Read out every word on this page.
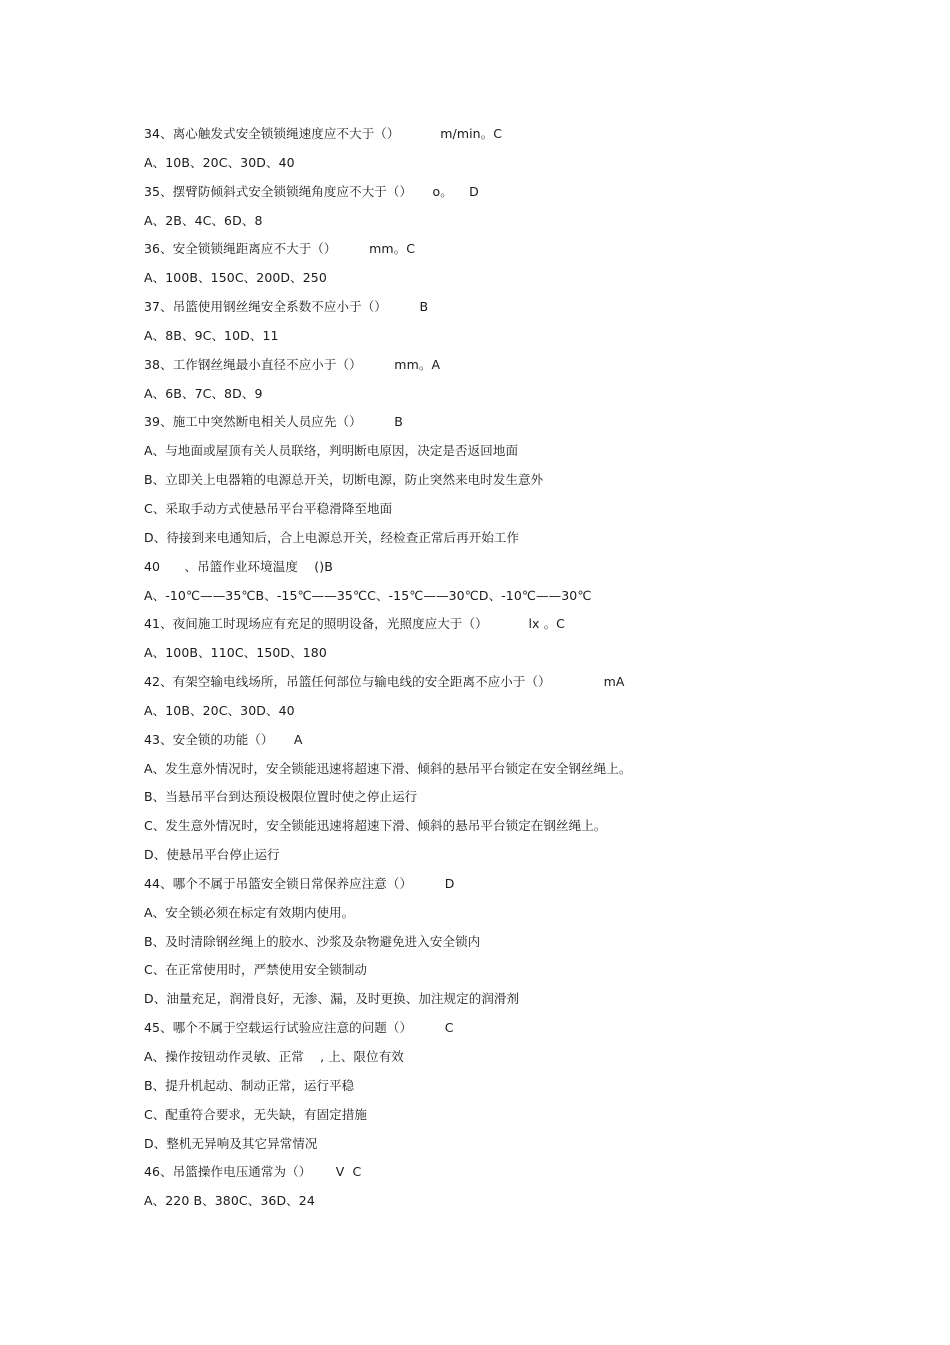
34、离心触发式安全锁锁绳速度应不大于（）          m/min。C
A、10B、20C、30D、40
35、摆臂防倾斜式安全锁锁绳角度应不大于（）     o。    D
A、2B、4C、6D、8
36、安全锁锁绳距离应不大于（）        mm。C
A、100B、150C、200D、250
37、吊篮使用钢丝绳安全系数不应小于（）        B
A、8B、9C、10D、11
38、工作钢丝绳最小直径不应小于（）        mm。A
A、6B、7C、8D、9
39、施工中突然断电相关人员应先（）        B
A、与地面或屋顶有关人员联络，判明断电原因，决定是否返回地面
B、立即关上电器箱的电源总开关，切断电源，防止突然来电时发生意外
C、采取手动方式使悬吊平台平稳滑降至地面
D、待接到来电通知后，合上电源总开关，经检查正常后再开始工作
40      、吊篮作业环境温度    ()B
A、-10℃——35℃B、-15℃——35℃C、-15℃——30℃D、-10℃——30℃
41、夜间施工时现场应有充足的照明设备，光照度应大于（）          lx 。C
A、100B、110C、150D、180
42、有架空输电线场所，吊篮任何部位与输电线的安全距离不应小于（）             mA
A、10B、20C、30D、40
43、安全锁的功能（）     A
A、发生意外情况时，安全锁能迅速将超速下滑、倾斜的悬吊平台锁定在安全钢丝绳上。
B、当悬吊平台到达预设极限位置时使之停止运行
C、发生意外情况时，安全锁能迅速将超速下滑、倾斜的悬吊平台锁定在钢丝绳上。
D、使悬吊平台停止运行
44、哪个不属于吊篮安全锁日常保养应注意（）        D
A、安全锁必须在标定有效期内使用。
B、及时清除钢丝绳上的胶水、沙浆及杂物避免进入安全锁内
C、在正常使用时，严禁使用安全锁制动
D、油量充足，润滑良好，无渗、漏，及时更换、加注规定的润滑剂
45、哪个不属于空载运行试验应注意的问题（）        C
A、操作按钮动作灵敏、正常    , 上、限位有效
B、提升机起动、制动正常，运行平稳
C、配重符合要求，无失缺，有固定措施
D、整机无异响及其它异常情况
46、吊篮操作电压通常为（）      V  C
A、220 B、380C、36D、24
